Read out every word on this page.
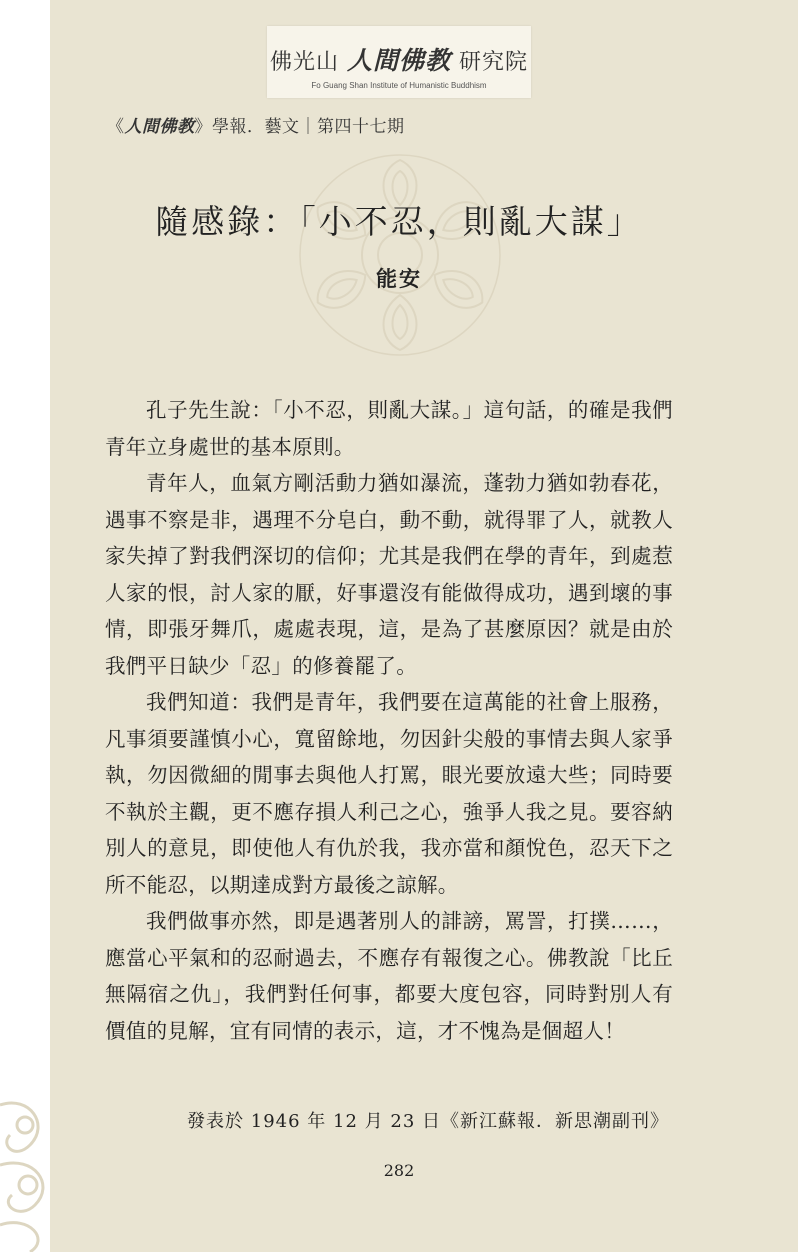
佛光山 人間佛教 研究院
Fo Guang Shan Institute of Humanistic Buddhism
《人間佛教》學報．藝文｜第四十七期
隨感錄：「小不忍，則亂大謀」
能安

孔子先生說：「小不忍，則亂大謀。」這句話，的確是我們青年立身處世的基本原則。

青年人，血氣方剛活動力猶如瀑流，蓬勃力猶如勃春花，遇事不察是非，遇理不分皂白，動不動，就得罪了人，就教人家失掉了對我們深切的信仰；尤其是我們在學的青年，到處惹人家的恨，討人家的厭，好事還沒有能做得成功，遇到壞的事情，即張牙舞爪，處處表現，這，是為了甚麼原因？就是由於我們平日缺少「忍」的修養罷了。

我們知道：我們是青年，我們要在這萬能的社會上服務，凡事須要謹慎小心，寬留餘地，勿因針尖般的事情去與人家爭執，勿因微細的閒事去與他人打罵，眼光要放遠大些；同時要不執於主觀，更不應存損人利己之心，強爭人我之見。要容納別人的意見，即使他人有仇於我，我亦當和顏悅色，忍天下之所不能忍，以期達成對方最後之諒解。

我們做事亦然，即是遇著別人的誹謗，罵詈，打撲……，應當心平氣和的忍耐過去，不應存有報復之心。佛教說「比丘無隔宿之仇」，我們對任何事，都要大度包容，同時對別人有價值的見解，宜有同情的表示，這，才不愧為是個超人！

發表於 1946 年 12 月 23 日《新江蘇報．新思潮副刊》
282
